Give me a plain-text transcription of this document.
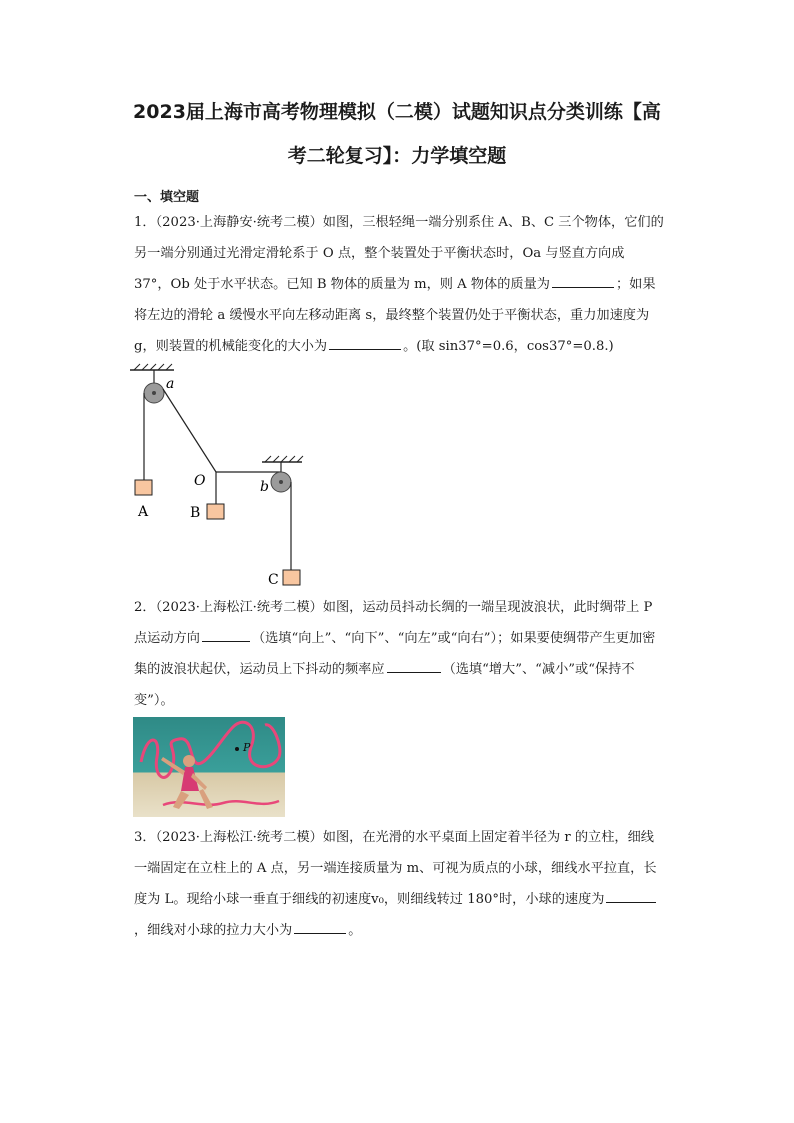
2023届上海市高考物理模拟（二模）试题知识点分类训练【高
考二轮复习】：力学填空题
一、填空题

1．（2023·上海静安·统考二模）如图，三根轻绳一端分别系住 A、B、C 三个物体，它们的另一端分别通过光滑定滑轮系于 O 点，整个装置处于平衡状态时，Oa 与竖直方向成 37°，Ob 处于水平状态。已知 B 物体的质量为 m，则 A 物体的质量为	；如果将左边的滑轮 a 缓慢水平向左移动距离 s，最终整个装置仍处于平衡状态，重力加速度为 g，则装置的机械能变化的大小为	。(取 sin37°=0.6，cos37°=0.8.)

a
A	B
O	b
C

2．（2023·上海松江·统考二模）如图，运动员抖动长绸的一端呈现波浪状，此时绸带上 P 点运动方向	（选填“向上”、“向下”、“向左”或“向右”）；如果要使绸带产生更加密集的波浪状起伏，运动员上下抖动的频率应	（选填“增大”、“减小”或“保持不变”）。

P

3．（2023·上海松江·统考二模）如图，在光滑的水平桌面上固定着半径为 r 的立柱，细线一端固定在立柱上的 A 点，另一端连接质量为 m、可视为质点的小球，细线水平拉直，长度为 L。现给小球一垂直于细线的初速度v₀，则细线转过 180°时，小球的速度为，细线对小球的拉力大小为	。
